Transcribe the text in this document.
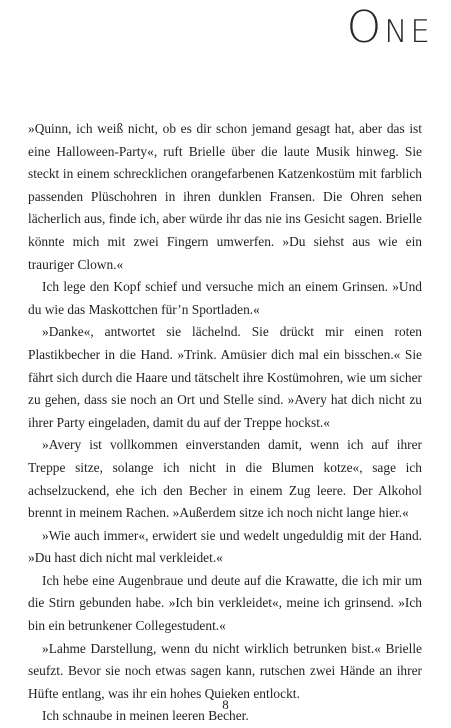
One

»Quinn, ich weiß nicht, ob es dir schon jemand gesagt hat, aber das ist eine Halloween-Party«, ruft Brielle über die laute Musik hinweg. Sie steckt in einem schrecklichen orangefarbenen Katzenkostüm mit farblich passenden Plüschohren in ihren dunklen Fransen. Die Ohren sehen lächerlich aus, finde ich, aber würde ihr das nie ins Gesicht sagen. Brielle könnte mich mit zwei Fingern umwerfen. »Du siehst aus wie ein trauriger Clown.«

Ich lege den Kopf schief und versuche mich an einem Grinsen. »Und du wie das Maskottchen für’n Sportladen.«

»Danke«, antwortet sie lächelnd. Sie drückt mir einen roten Plastikbecher in die Hand. »Trink. Amüsier dich mal ein bisschen.« Sie fährt sich durch die Haare und tätschelt ihre Kostümohren, wie um sicher zu gehen, dass sie noch an Ort und Stelle sind. »Avery hat dich nicht zu ihrer Party eingeladen, damit du auf der Treppe hockst.«

»Avery ist vollkommen einverstanden damit, wenn ich auf ihrer Treppe sitze, solange ich nicht in die Blumen kotze«, sage ich achselzuckend, ehe ich den Becher in einem Zug leere. Der Alkohol brennt in meinem Rachen. »Außerdem sitze ich noch nicht lange hier.«

»Wie auch immer«, erwidert sie und wedelt ungeduldig mit der Hand. »Du hast dich nicht mal verkleidet.«

Ich hebe eine Augenbraue und deute auf die Krawatte, die ich mir um die Stirn gebunden habe. »Ich bin verkleidet«, meine ich grinsend. »Ich bin ein betrunkener Collegestudent.«

»Lahme Darstellung, wenn du nicht wirklich betrunken bist.« Brielle seufzt. Bevor sie noch etwas sagen kann, rutschen zwei Hände an ihrer Hüfte entlang, was ihr ein hohes Quieken entlockt.

Ich schnaube in meinen leeren Becher.

8
